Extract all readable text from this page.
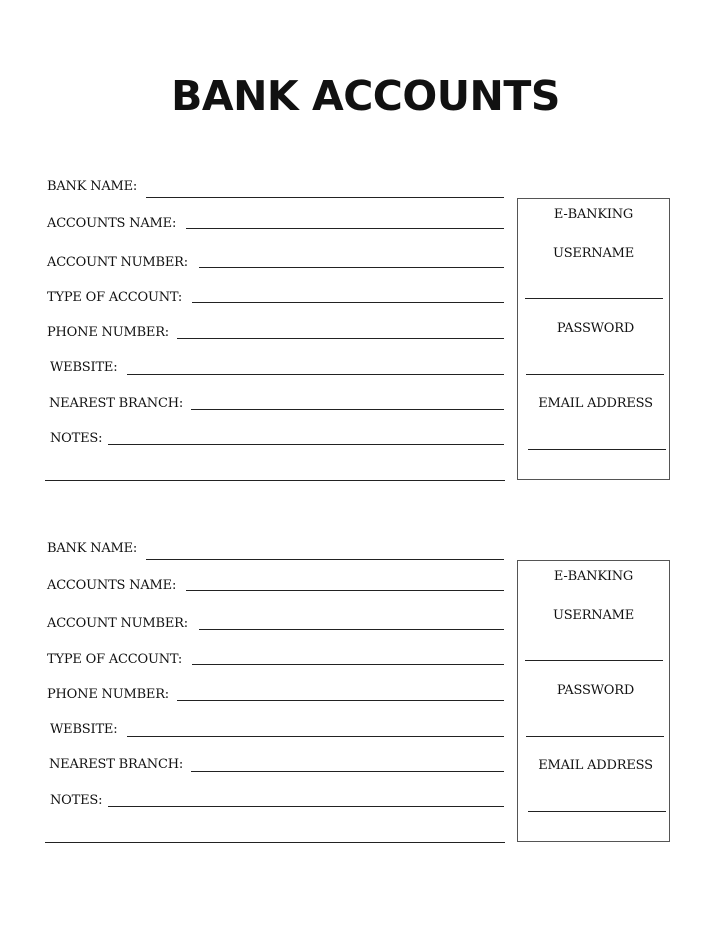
BANK ACCOUNTS
BANK NAME:
ACCOUNTS NAME:
ACCOUNT NUMBER:
TYPE OF ACCOUNT:
PHONE NUMBER:
WEBSITE:
NEAREST BRANCH:
NOTES:
E-BANKING
USERNAME
PASSWORD
EMAIL ADDRESS
BANK NAME:
ACCOUNTS NAME:
ACCOUNT NUMBER:
TYPE OF ACCOUNT:
PHONE NUMBER:
WEBSITE:
NEAREST BRANCH:
NOTES:
E-BANKING
USERNAME
PASSWORD
EMAIL ADDRESS
